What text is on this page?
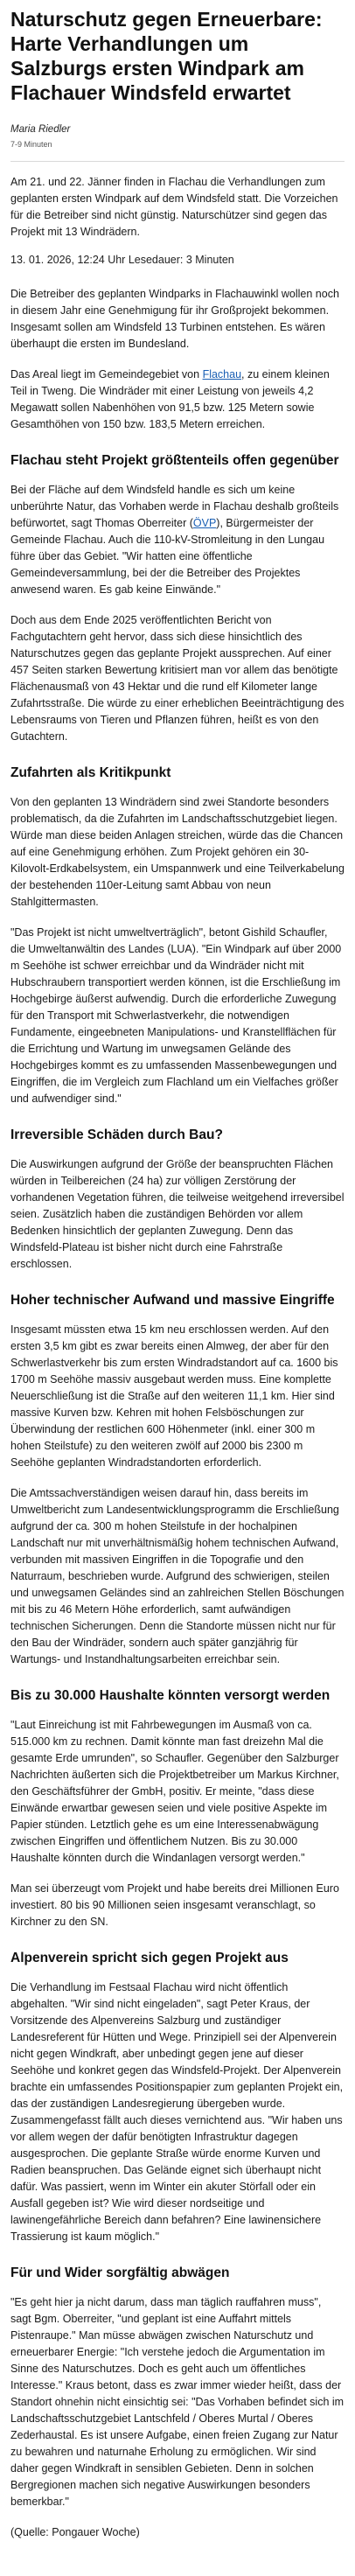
Naturschutz gegen Erneuerbare: Harte Verhandlungen um Salzburgs ersten Windpark am Flachauer Windsfeld erwartet
Maria Riedler
7-9 Minuten

Am 21. und 22. Jänner finden in Flachau die Verhandlungen zum geplanten ersten Windpark auf dem Windsfeld statt. Die Vorzeichen für die Betreiber sind nicht günstig. Naturschützer sind gegen das Projekt mit 13 Windrädern.

13. 01. 2026, 12:24 Uhr Lesedauer: 3 Minuten

Die Betreiber des geplanten Windparks in Flachauwinkl wollen noch in diesem Jahr eine Genehmigung für ihr Großprojekt bekommen. Insgesamt sollen am Windsfeld 13 Turbinen entstehen. Es wären überhaupt die ersten im Bundesland.

Das Areal liegt im Gemeindegebiet von Flachau, zu einem kleinen Teil in Tweng. Die Windräder mit einer Leistung von jeweils 4,2 Megawatt sollen Nabenhöhen von 91,5 bzw. 125 Metern sowie Gesamthöhen von 150 bzw. 183,5 Metern erreichen.

Flachau steht Projekt größtenteils offen gegenüber

Bei der Fläche auf dem Windsfeld handle es sich um keine unberührte Natur, das Vorhaben werde in Flachau deshalb großteils befürwortet, sagt Thomas Oberreiter (ÖVP), Bürgermeister der Gemeinde Flachau. Auch die 110-kV-Stromleitung in den Lungau führe über das Gebiet. "Wir hatten eine öffentliche Gemeindeversammlung, bei der die Betreiber des Projektes anwesend waren. Es gab keine Einwände."

Doch aus dem Ende 2025 veröffentlichten Bericht von Fachgutachtern geht hervor, dass sich diese hinsichtlich des Naturschutzes gegen das geplante Projekt aussprechen. Auf einer 457 Seiten starken Bewertung kritisiert man vor allem das benötigte Flächenausmaß von 43 Hektar und die rund elf Kilometer lange Zufahrtsstraße. Die würde zu einer erheblichen Beeinträchtigung des Lebensraums von Tieren und Pflanzen führen, heißt es von den Gutachtern.

Zufahrten als Kritikpunkt

Von den geplanten 13 Windrädern sind zwei Standorte besonders problematisch, da die Zufahrten im Landschaftsschutzgebiet liegen. Würde man diese beiden Anlagen streichen, würde das die Chancen auf eine Genehmigung erhöhen. Zum Projekt gehören ein 30-Kilovolt-Erdkabelsystem, ein Umspannwerk und eine Teilverkabelung der bestehenden 110er-Leitung samt Abbau von neun Stahlgittermasten.

"Das Projekt ist nicht umweltverträglich", betont Gishild Schaufler, die Umweltanwältin des Landes (LUA). "Ein Windpark auf über 2000 m Seehöhe ist schwer erreichbar und da Windräder nicht mit Hubschraubern transportiert werden können, ist die Erschließung im Hochgebirge äußerst aufwendig. Durch die erforderliche Zuwegung für den Transport mit Schwerlastverkehr, die notwendigen Fundamente, eingeebneten Manipulations- und Kranstellflächen für die Errichtung und Wartung im unwegsamen Gelände des Hochgebirges kommt es zu umfassenden Massenbewegungen und Eingriffen, die im Vergleich zum Flachland um ein Vielfaches größer und aufwendiger sind."

Irreversible Schäden durch Bau?

Die Auswirkungen aufgrund der Größe der beanspruchten Flächen würden in Teilbereichen (24 ha) zur völligen Zerstörung der vorhandenen Vegetation führen, die teilweise weitgehend irreversibel seien. Zusätzlich haben die zuständigen Behörden vor allem Bedenken hinsichtlich der geplanten Zuwegung. Denn das Windsfeld-Plateau ist bisher nicht durch eine Fahrstraße erschlossen.

Hoher technischer Aufwand und massive Eingriffe

Insgesamt müssten etwa 15 km neu erschlossen werden. Auf den ersten 3,5 km gibt es zwar bereits einen Almweg, der aber für den Schwerlastverkehr bis zum ersten Windradstandort auf ca. 1600 bis 1700 m Seehöhe massiv ausgebaut werden muss. Eine komplette Neuerschließung ist die Straße auf den weiteren 11,1 km. Hier sind massive Kurven bzw. Kehren mit hohen Felsböschungen zur Überwindung der restlichen 600 Höhenmeter (inkl. einer 300 m hohen Steilstufe) zu den weiteren zwölf auf 2000 bis 2300 m Seehöhe geplanten Windradstandorten erforderlich.

Die Amtssachverständigen weisen darauf hin, dass bereits im Umweltbericht zum Landesentwicklungsprogramm die Erschließung aufgrund der ca. 300 m hohen Steilstufe in der hochalpinen Landschaft nur mit unverhältnismäßig hohem technischen Aufwand, verbunden mit massiven Eingriffen in die Topografie und den Naturraum, beschrieben wurde. Aufgrund des schwierigen, steilen und unwegsamen Geländes sind an zahlreichen Stellen Böschungen mit bis zu 46 Metern Höhe erforderlich, samt aufwändigen technischen Sicherungen. Denn die Standorte müssen nicht nur für den Bau der Windräder, sondern auch später ganzjährig für Wartungs- und Instandhaltungsarbeiten erreichbar sein.

Bis zu 30.000 Haushalte könnten versorgt werden

"Laut Einreichung ist mit Fahrbewegungen im Ausmaß von ca. 515.000 km zu rechnen. Damit könnte man fast dreizehn Mal die gesamte Erde umrunden", so Schaufler. Gegenüber den Salzburger Nachrichten äußerten sich die Projektbetreiber um Markus Kirchner, den Geschäftsführer der GmbH, positiv. Er meinte, "dass diese Einwände erwartbar gewesen seien und viele positive Aspekte im Papier stünden. Letztlich gehe es um eine Interessenabwägung zwischen Eingriffen und öffentlichem Nutzen. Bis zu 30.000 Haushalte könnten durch die Windanlagen versorgt werden."

Man sei überzeugt vom Projekt und habe bereits drei Millionen Euro investiert. 80 bis 90 Millionen seien insgesamt veranschlagt, so Kirchner zu den SN.

Alpenverein spricht sich gegen Projekt aus

Die Verhandlung im Festsaal Flachau wird nicht öffentlich abgehalten. "Wir sind nicht eingeladen", sagt Peter Kraus, der Vorsitzende des Alpenvereins Salzburg und zuständiger Landesreferent für Hütten und Wege. Prinzipiell sei der Alpenverein nicht gegen Windkraft, aber unbedingt gegen jene auf dieser Seehöhe und konkret gegen das Windsfeld-Projekt. Der Alpenverein brachte ein umfassendes Positionspapier zum geplanten Projekt ein, das der zuständigen Landesregierung übergeben wurde. Zusammengefasst fällt auch dieses vernichtend aus. "Wir haben uns vor allem wegen der dafür benötigten Infrastruktur dagegen ausgesprochen. Die geplante Straße würde enorme Kurven und Radien beanspruchen. Das Gelände eignet sich überhaupt nicht dafür. Was passiert, wenn im Winter ein akuter Störfall oder ein Ausfall gegeben ist? Wie wird dieser nordseitige und lawinengefährliche Bereich dann befahren? Eine lawinensichere Trassierung ist kaum möglich."

Für und Wider sorgfältig abwägen

"Es geht hier ja nicht darum, dass man täglich rauffahren muss", sagt Bgm. Oberreiter, "und geplant ist eine Auffahrt mittels Pistenraupe." Man müsse abwägen zwischen Naturschutz und erneuerbarer Energie: "Ich verstehe jedoch die Argumentation im Sinne des Naturschutzes. Doch es geht auch um öffentliches Interesse." Kraus betont, dass es zwar immer wieder heißt, dass der Standort ohnehin nicht einsichtig sei: "Das Vorhaben befindet sich im Landschaftsschutzgebiet Lantschfeld / Oberes Murtal / Oberes Zederhaustal. Es ist unsere Aufgabe, einen freien Zugang zur Natur zu bewahren und naturnahe Erholung zu ermöglichen. Wir sind daher gegen Windkraft in sensiblen Gebieten. Denn in solchen Bergregionen machen sich negative Auswirkungen besonders bemerkbar."

(Quelle: Pongauer Woche)
